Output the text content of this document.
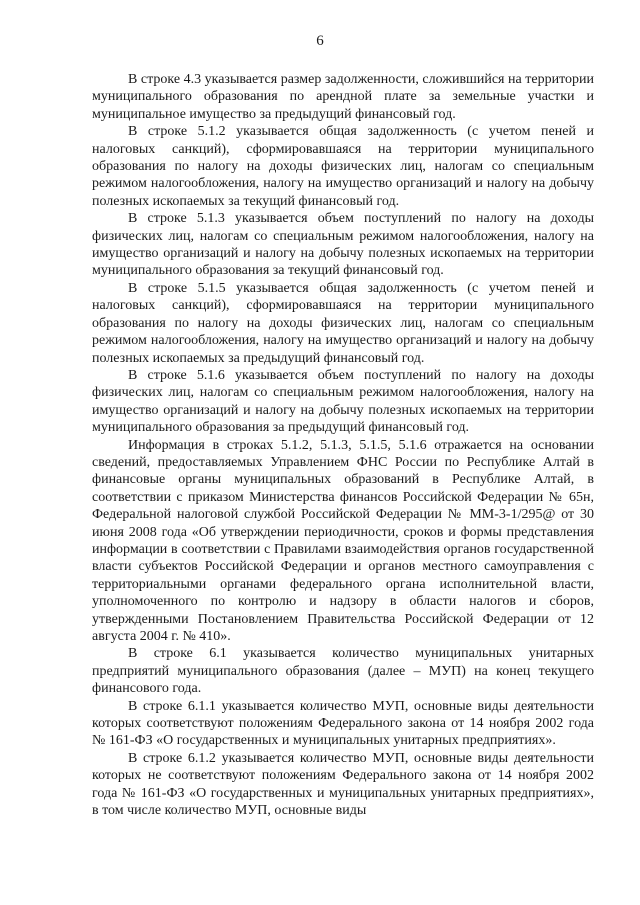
6

В строке 4.3 указывается размер задолженности, сложившийся на территории муниципального образования по арендной плате за земельные участки и муниципальное имущество за предыдущий финансовый год.

В строке 5.1.2 указывается общая задолженность (с учетом пеней и налоговых санкций), сформировавшаяся на территории муниципального образования по налогу на доходы физических лиц, налогам со специальным режимом налогообложения, налогу на имущество организаций и налогу на добычу полезных ископаемых за текущий финансовый год.

В строке 5.1.3 указывается объем поступлений по налогу на доходы физических лиц, налогам со специальным режимом налогообложения, налогу на имущество организаций и налогу на добычу полезных ископаемых на территории муниципального образования за текущий финансовый год.

В строке 5.1.5 указывается общая задолженность (с учетом пеней и налоговых санкций), сформировавшаяся на территории муниципального образования по налогу на доходы физических лиц, налогам со специальным режимом налогообложения, налогу на имущество организаций и налогу на добычу полезных ископаемых за предыдущий финансовый год.

В строке 5.1.6 указывается объем поступлений по налогу на доходы физических лиц, налогам со специальным режимом налогообложения, налогу на имущество организаций и налогу на добычу полезных ископаемых на территории муниципального образования за предыдущий финансовый год.

Информация в строках 5.1.2, 5.1.3, 5.1.5, 5.1.6 отражается на основании сведений, предоставляемых Управлением ФНС России по Республике Алтай в финансовые органы муниципальных образований в Республике Алтай, в соответствии с приказом Министерства финансов Российской Федерации № 65н, Федеральной налоговой службой Российской Федерации № ММ-3-1/295@ от 30 июня 2008 года «Об утверждении периодичности, сроков и формы представления информации в соответствии с Правилами взаимодействия органов государственной власти субъектов Российской Федерации и органов местного самоуправления с территориальными органами федерального органа исполнительной власти, уполномоченного по контролю и надзору в области налогов и сборов, утвержденными Постановлением Правительства Российской Федерации от 12 августа 2004 г. № 410».

В строке 6.1 указывается количество муниципальных унитарных предприятий муниципального образования (далее – МУП) на конец текущего финансового года.

В строке 6.1.1 указывается количество МУП, основные виды деятельности которых соответствуют положениям Федерального закона от 14 ноября 2002 года № 161-ФЗ «О государственных и муниципальных унитарных предприятиях».

В строке 6.1.2 указывается количество МУП, основные виды деятельности которых не соответствуют положениям Федерального закона от 14 ноября 2002 года № 161-ФЗ «О государственных и муниципальных унитарных предприятиях», в том числе количество МУП, основные виды
